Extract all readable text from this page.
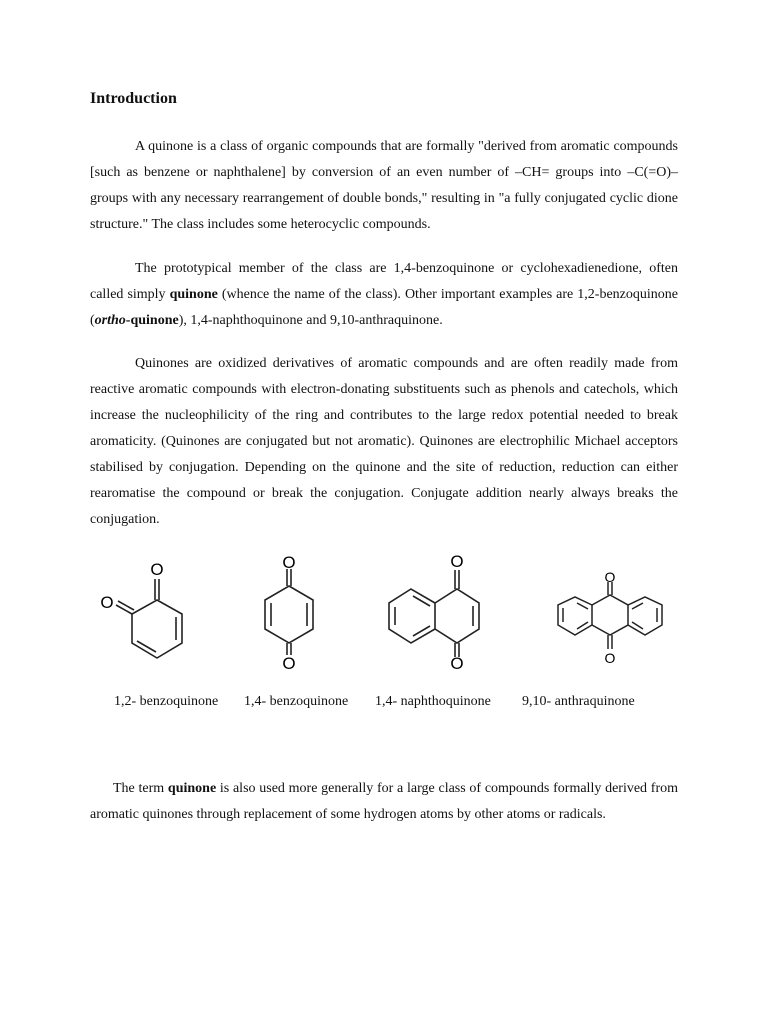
Introduction

A quinone is a class of organic compounds that are formally "derived from aromatic compounds [such as benzene or naphthalene] by conversion of an even number of –CH= groups into –C(=O)– groups with any necessary rearrangement of double bonds," resulting in "a fully conjugated cyclic dione structure." The class includes some heterocyclic compounds.

The prototypical member of the class are 1,4-benzoquinone or cyclohexadienedione, often called simply quinone (whence the name of the class). Other important examples are 1,2-benzoquinone (ortho-quinone), 1,4-naphthoquinone and 9,10-anthraquinone.

Quinones are oxidized derivatives of aromatic compounds and are often readily made from reactive aromatic compounds with electron-donating substituents such as phenols and catechols, which increase the nucleophilicity of the ring and contributes to the large redox potential needed to break aromaticity. (Quinones are conjugated but not aromatic). Quinones are electrophilic Michael acceptors stabilised by conjugation. Depending on the quinone and the site of reduction, reduction can either rearomatise the compound or break the conjugation. Conjugate addition nearly always breaks the conjugation.

O
O
O
O
O
O
O
O
1,2- benzoquinone 1,4- benzoquinone 1,4- naphthoquinone 9,10- anthraquinone

The term quinone is also used more generally for a large class of compounds formally derived from aromatic quinones through replacement of some hydrogen atoms by other atoms or radicals.
